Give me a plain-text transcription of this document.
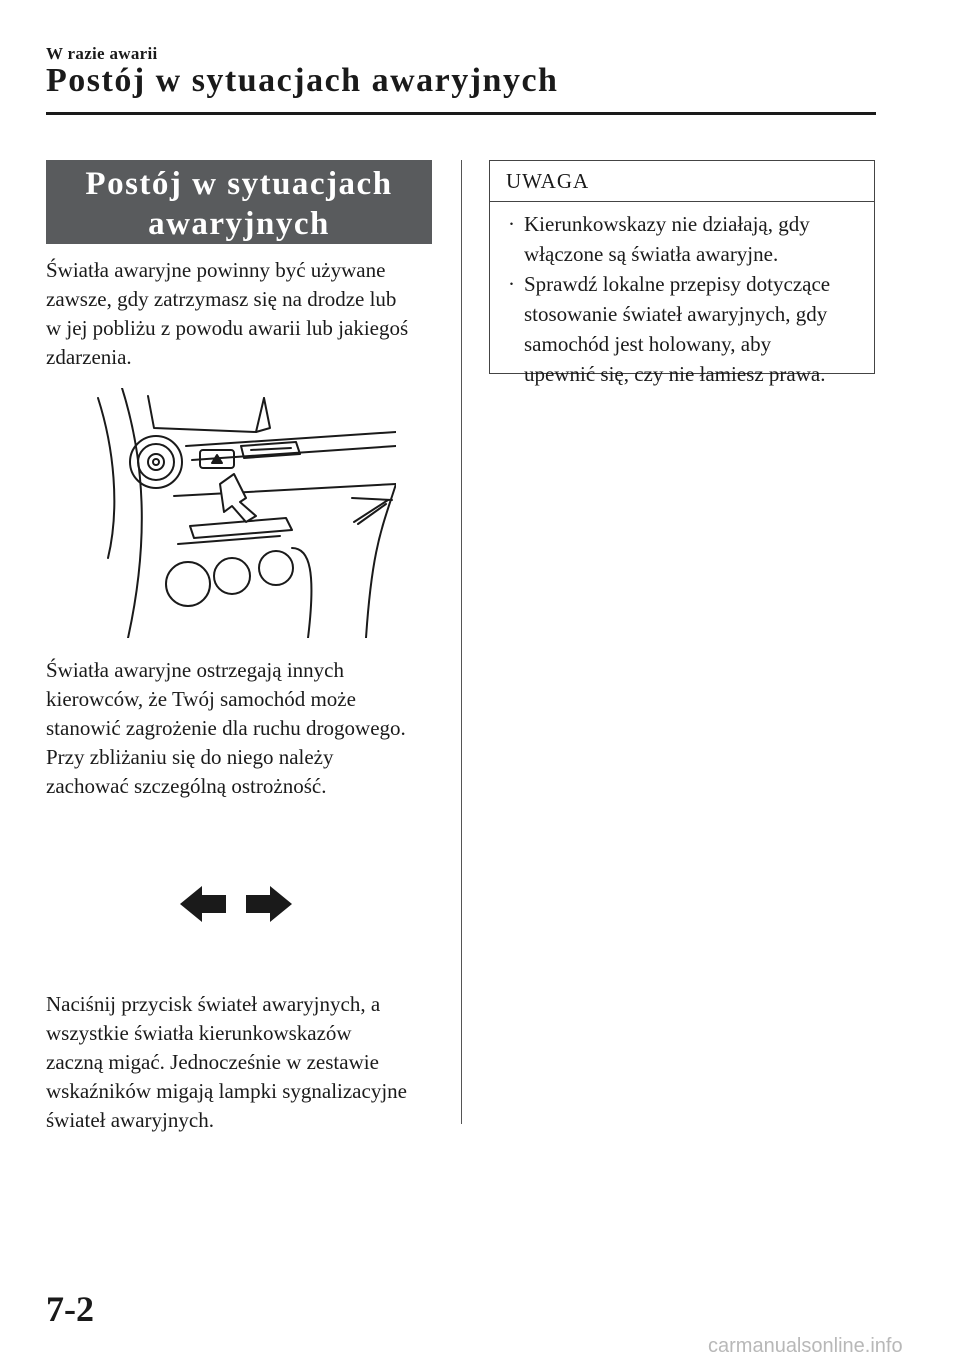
W razie awarii
Postój w sytuacjach awaryjnych
Postój w sytuacjach
awaryjnych
Światła awaryjne powinny być używane
zawsze, gdy zatrzymasz się na drodze lub
w jej pobliżu z powodu awarii lub jakiegoś
zdarzenia.
Światła awaryjne ostrzegają innych
kierowców, że Twój samochód może
stanowić zagrożenie dla ruchu drogowego.
Przy zbliżaniu się do niego należy
zachować szczególną ostrożność.
Naciśnij przycisk świateł awaryjnych, a
wszystkie światła kierunkowskazów
zaczną migać. Jednocześnie w zestawie
wskaźników migają lampki sygnalizacyjne
świateł awaryjnych.
UWAGA
· Kierunkowskazy nie działają, gdy
włączone są światła awaryjne.
· Sprawdź lokalne przepisy dotyczące
stosowanie świateł awaryjnych, gdy
samochód jest holowany, aby
upewnić się, czy nie łamiesz prawa.
7-2
carmanualsonline.info
